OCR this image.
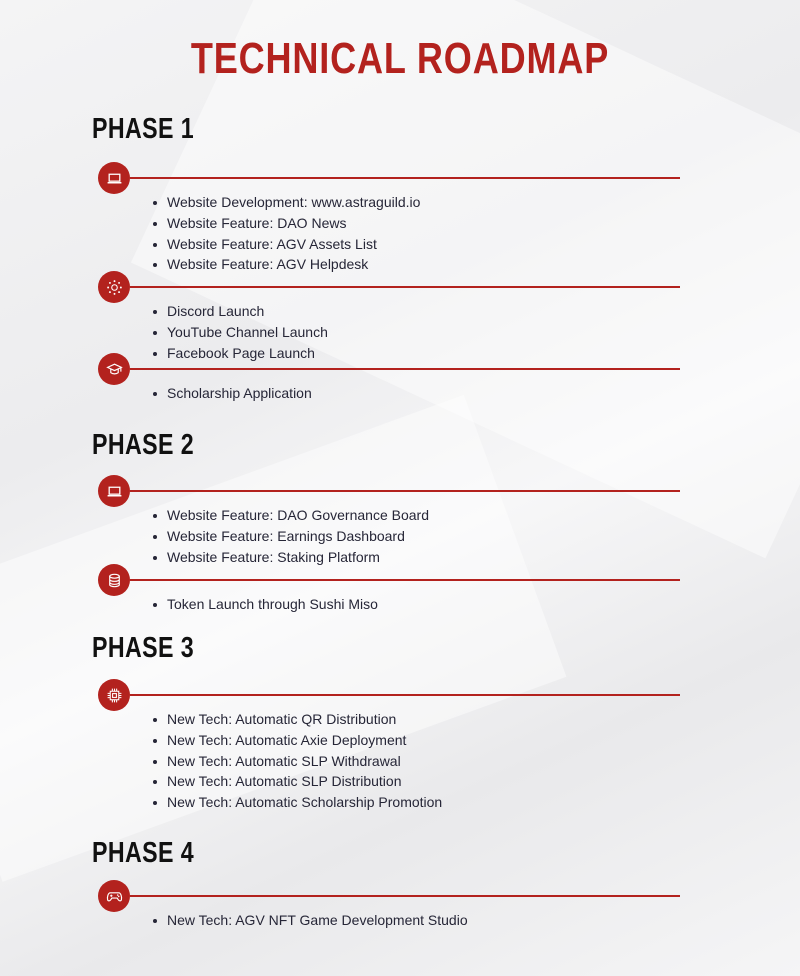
TECHNICAL ROADMAP
PHASE 1
Website Development: www.astraguild.io
Website Feature: DAO News
Website Feature: AGV Assets List
Website Feature: AGV Helpdesk
Discord Launch
YouTube Channel Launch
Facebook Page Launch
Scholarship Application
PHASE 2
Website Feature: DAO Governance Board
Website Feature: Earnings Dashboard
Website Feature: Staking Platform
Token Launch through Sushi Miso
PHASE 3
New Tech: Automatic QR Distribution
New Tech: Automatic Axie Deployment
New Tech: Automatic SLP Withdrawal
New Tech: Automatic SLP Distribution
New Tech: Automatic Scholarship Promotion
PHASE 4
New Tech: AGV NFT Game Development Studio
